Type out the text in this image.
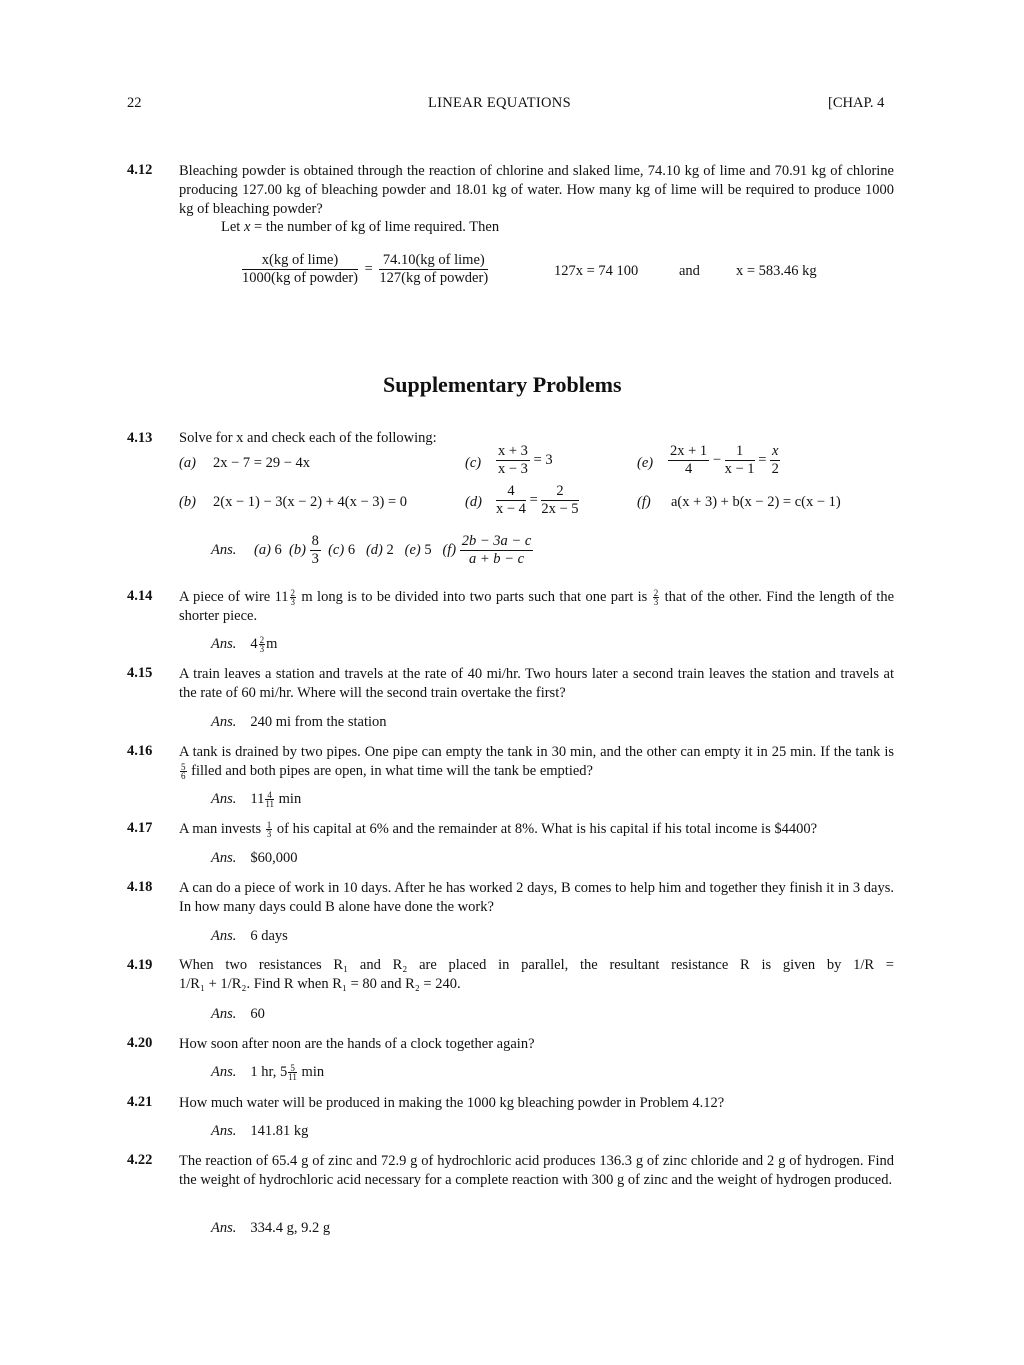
22	LINEAR EQUATIONS	[CHAP. 4
4.12 Bleaching powder is obtained through the reaction of chlorine and slaked lime, 74.10 kg of lime and 70.91 kg of chlorine producing 127.00 kg of bleaching powder and 18.01 kg of water. How many kg of lime will be required to produce 1000 kg of bleaching powder?
Let x = the number of kg of lime required. Then
x(kg of lime)
1000(kg of powder)
=
74.10(kg of lime)
127(kg of powder)	127x = 74 100	and x = 583.46 kg
Supplementary Problems
4.13 Solve for x and check each of the following:
(a) 2x − 7 = 29 − 4x
(b) 2(x − 1) − 3(x − 2) + 4(x − 3) = 0
$(c) \frac{x + 3}{x - 3} = 3$
$(d) \frac{4}{x - 4} = \frac{2}{2x - 5}$
$(e) \frac{2x + 1}{4} - \frac{1}{x - 1} = \frac{x}{2}$
(f) a(x + 3) + b(x − 2) = c(x − 1)
Ans. (a) 6 $(b) \frac{8}{3} (c)$ 6 (d) 2 (e) 5 $(f) \frac{2b - 3a - c}{a + b - c}$
4.14 A piece of wire $11 \frac{2}{3}$ m long is to be divided into two parts such that one part is $\frac{2}{3}$ that of the other. Find the length of the shorter piece.
Ans. $4 \frac{2}{3}$ m
4.15 A train leaves a station and travels at the rate of 40 mi/hr. Two hours later a second train leaves the station and travels at the rate of 60 mi/hr. Where will the second train overtake the first?
Ans. 240 mi from the station
4.16 A tank is drained by two pipes. One pipe can empty the tank in 30 min, and the other can empty it in 25 min. If the tank is
$\frac{5}{6}$ filled and both pipes are open, in what time will the tank be emptied?
Ans. $11 \frac{4}{11}$ min
4.17 A man invests $\frac{1}{3}$ of his capital at 6% and the remainder at 8%. What is his capital if his total income is $4400?
Ans. $60,000
4.18 A can do a piece of work in 10 days. After he has worked 2 days, B comes to help him and together they finish it in 3 days. In how many days could B alone have done the work?
Ans. 6 days
4.19 When two resistances R₁ and R₂ are placed in parallel, the resultant resistance R is given by 1/R =
1/R₁ + 1/R₂. Find R when R₁ = 80 and R₂ = 240.
Ans. 60
4.20 How soon after noon are the hands of a clock together again?
Ans. 1 hr, $5 \frac{5}{11}$ min
4.21 How much water will be produced in making the 1000 kg bleaching powder in Problem 4.12?
Ans. 141.81 kg
4.22 The reaction of 65.4 g of zinc and 72.9 g of hydrochloric acid produces 136.3 g of zinc chloride and 2 g of hydrogen. Find the weight of hydrochloric acid necessary for a complete reaction with 300 g of zinc and the weight of hydrogen produced.
Ans. 334.4 g, 9.2 g
